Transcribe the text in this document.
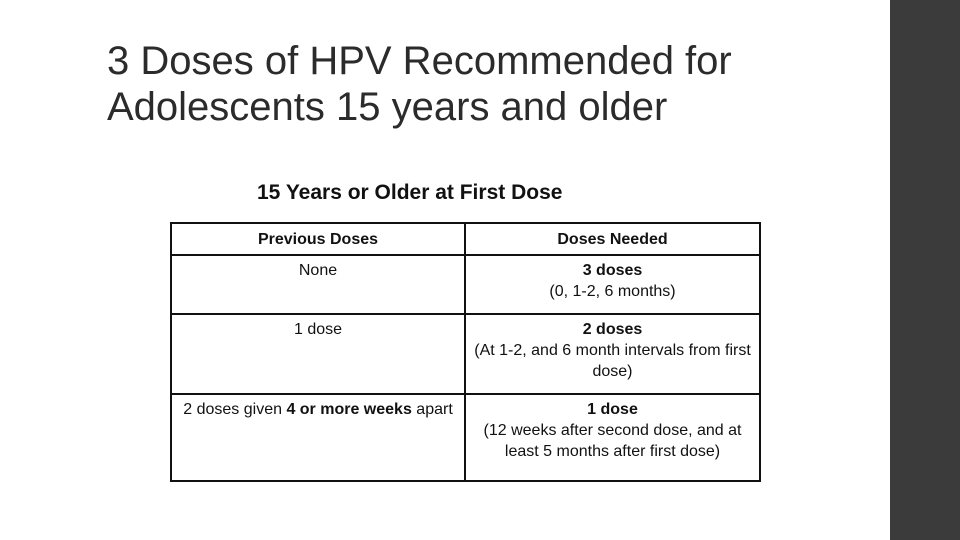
3 Doses of HPV Recommended for
Adolescents 15 years and older
15 Years or Older at First Dose
Previous Doses	Doses Needed
None	3 doses
(0, 1-2, 6 months)
1 dose	2 doses
(At 1-2, and 6 month intervals from first dose)
2 doses given 4 or more weeks apart	1 dose
(12 weeks after second dose, and at least 5 months after first dose)
